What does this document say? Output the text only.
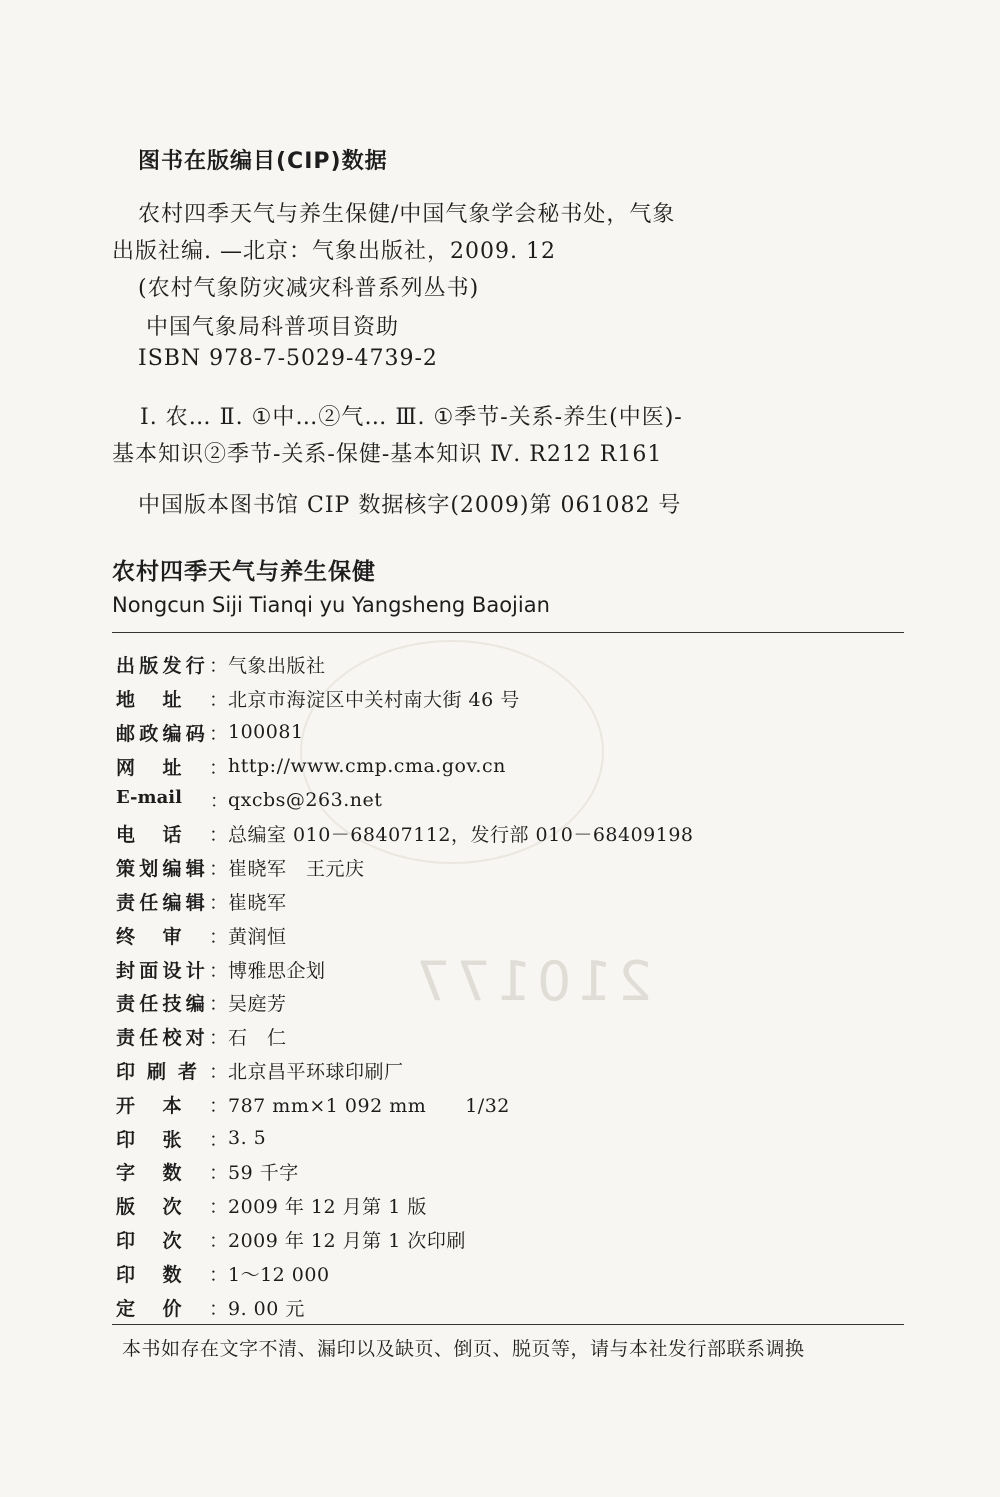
210177
图书在版编目(CIP)数据
农村四季天气与养生保健/中国气象学会秘书处，气象
出版社编. —北京：气象出版社，2009. 12
(农村气象防灾减灾科普系列丛书)
中国气象局科普项目资助
ISBN 978-7-5029-4739-2
Ⅰ. 农… Ⅱ. ①中…②气… Ⅲ. ①季节-关系-养生(中医)-
基本知识②季节-关系-保健-基本知识 Ⅳ. R212 R161
中国版本图书馆 CIP 数据核字(2009)第 061082 号
农村四季天气与养生保健
Nongcun Siji Tianqi yu Yangsheng Baojian
出 版 发 行 ： 气象出版社
地 址 ： 北京市海淀区中关村南大街 46 号
邮 政 编 码 ： 100081
网 址 ： http://www.cmp.cma.gov.cn
E-mail ： qxcbs@263.net
电 话 ： 总编室 010－68407112，发行部 010－68409198
策 划 编 辑 ： 崔晓军　王元庆
责 任 编 辑 ： 崔晓军
终 审 ： 黄润恒
封 面 设 计 ： 博雅思企划
责 任 技 编 ： 吴庭芳
责 任 校 对 ： 石　仁
印 刷 者 ： 北京昌平环球印刷厂
开 本 ： 787 mm×1 092 mm　　1/32
印 张 ： 3. 5
字 数 ： 59 千字
版 次 ： 2009 年 12 月第 1 版
印 次 ： 2009 年 12 月第 1 次印刷
印 数 ： 1～12 000
定 价 ： 9. 00 元
本书如存在文字不清、漏印以及缺页、倒页、脱页等，请与本社发行部联系调换
